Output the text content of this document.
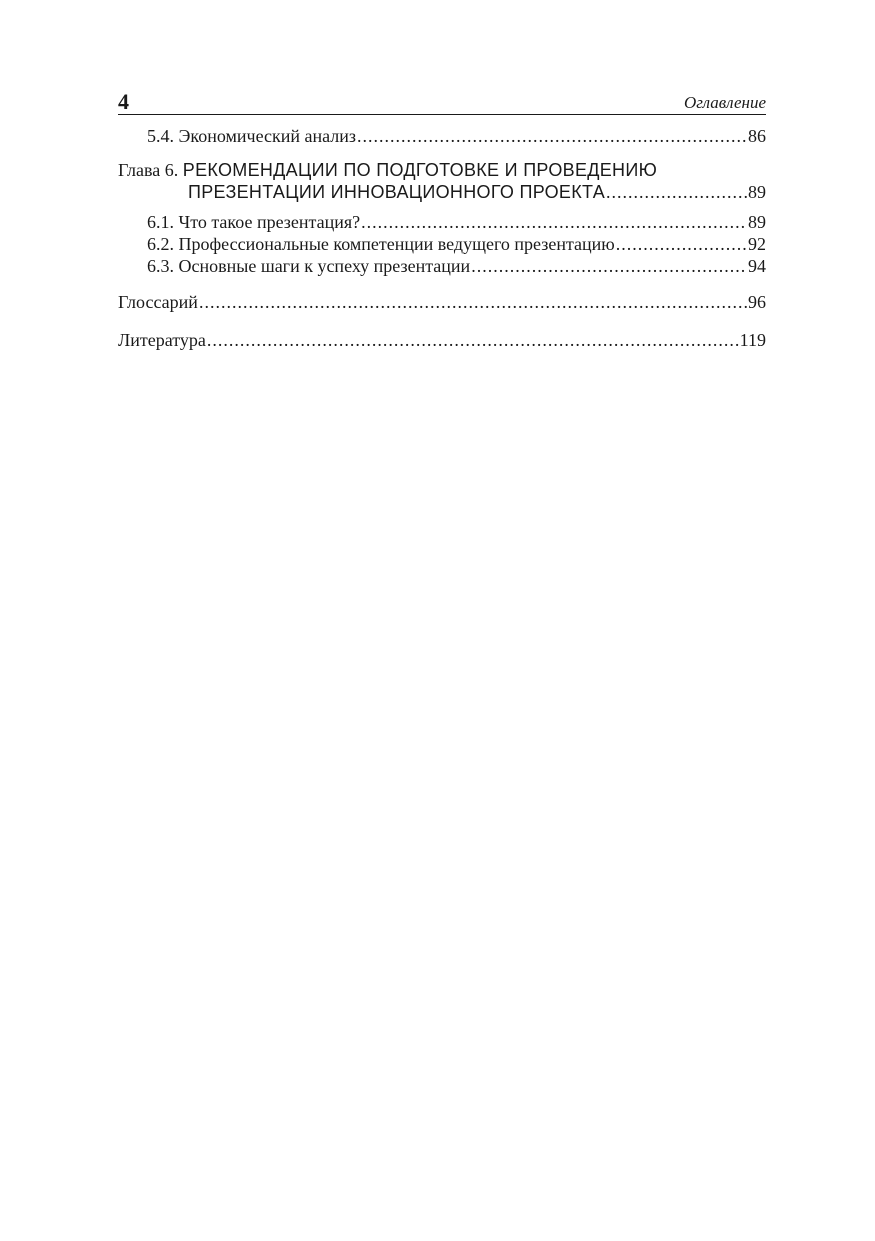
4	Оглавление
5.4. Экономический анализ .....	86
Глава 6. РЕКОМЕНДАЦИИ ПО ПОДГОТОВКЕ И ПРОВЕДЕНИЮ
ПРЕЗЕНТАЦИИ ИННОВАЦИОННОГО ПРОЕКТА .....	89
6.1. Что такое презентация? .....	89
6.2. Профессиональные компетенции ведущего презентацию .....	92
6.3. Основные шаги к успеху презентации .....	94
Глоссарий .....	96
Литература .....	119
